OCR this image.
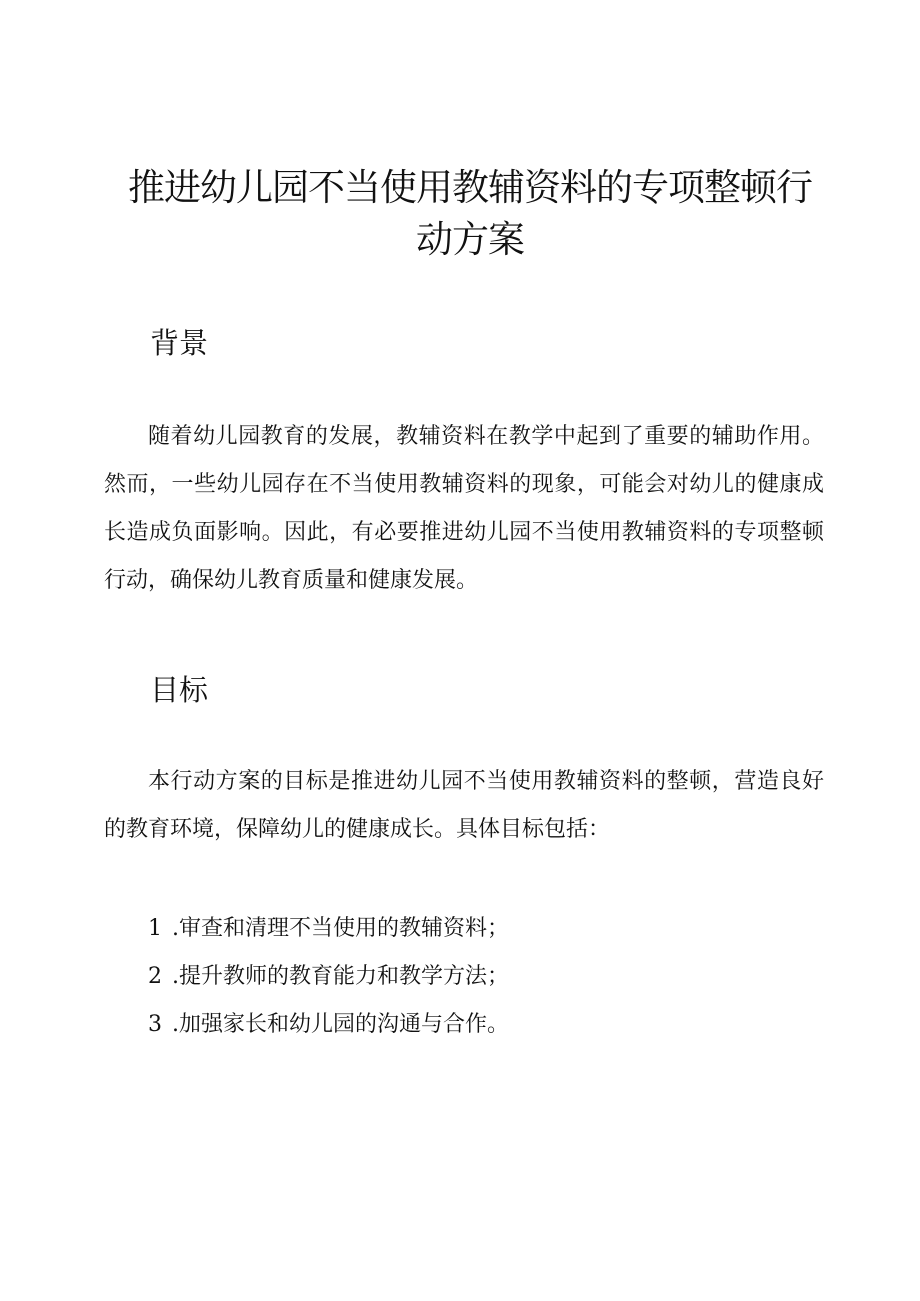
推进幼儿园不当使用教辅资料的专项整顿行动方案
背景

随着幼儿园教育的发展，教辅资料在教学中起到了重要的辅助作用。然而，一些幼儿园存在不当使用教辅资料的现象，可能会对幼儿的健康成长造成负面影响。因此，有必要推进幼儿园不当使用教辅资料的专项整顿行动，确保幼儿教育质量和健康发展。

目标

本行动方案的目标是推进幼儿园不当使用教辅资料的整顿，营造良好的教育环境，保障幼儿的健康成长。具体目标包括：

1 .审查和清理不当使用的教辅资料；
2 .提升教师的教育能力和教学方法；
3 .加强家长和幼儿园的沟通与合作。
